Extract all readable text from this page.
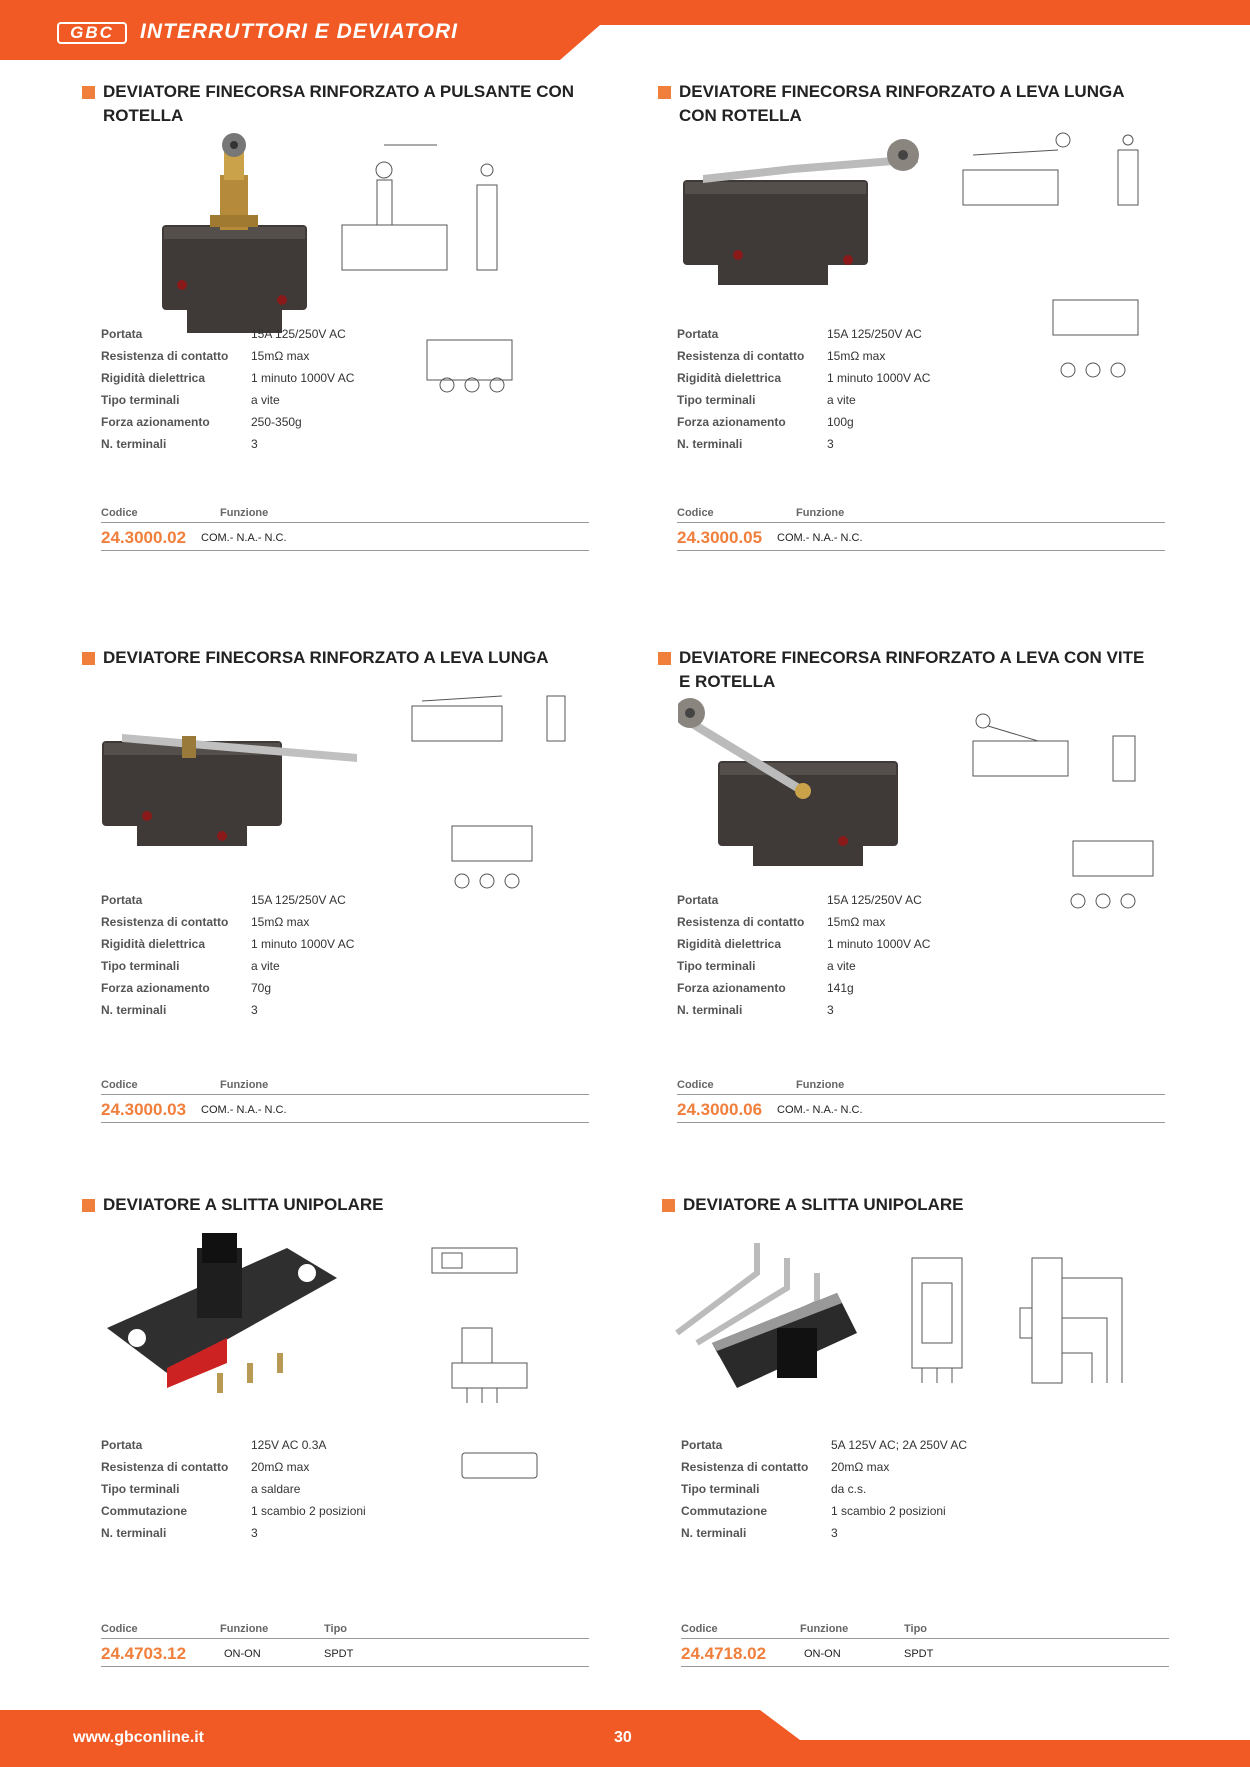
GBC	INTERRUTTORI E DEVIATORI
DEVIATORE FINECORSA RINFORZATO A PULSANTE CON ROTELLA
Portata	15A 125/250V AC
Resistenza di contatto 15mΩ max
Rigidità dielettrica	1 minuto 1000V AC
Tipo terminali	a vite
Forza azionamento	250-350g
N. terminali	3
Codice	Funzione
24.3000.02 COM.- N.A.- N.C.
DEVIATORE FINECORSA RINFORZATO A LEVA LUNGA CON ROTELLA
Portata	15A 125/250V AC
Resistenza di contatto 15mΩ max
Rigidità dielettrica	1 minuto 1000V AC
Tipo terminali	a vite
Forza azionamento	100g
N. terminali	3
Codice	Funzione
24.3000.05 COM.- N.A.- N.C.
DEVIATORE FINECORSA RINFORZATO A LEVA LUNGA
Portata	15A 125/250V AC
Resistenza di contatto 15mΩ max
Rigidità dielettrica	1 minuto 1000V AC
Tipo terminali	a vite
Forza azionamento	70g
N. terminali	3
Codice	Funzione
24.3000.03 COM.- N.A.- N.C.
DEVIATORE FINECORSA RINFORZATO A LEVA CON VITE E ROTELLA
Portata	15A 125/250V AC
Resistenza di contatto 15mΩ max
Rigidità dielettrica	1 minuto 1000V AC
Tipo terminali	a vite
Forza azionamento	141g
N. terminali	3
Codice	Funzione
24.3000.06 COM.- N.A.- N.C.
DEVIATORE A SLITTA UNIPOLARE
Portata	125V AC 0.3A
Resistenza di contatto 20mΩ max
Tipo terminali	a saldare
Commutazione	1 scambio 2 posizioni
N. terminali	3
Codice	Funzione	Tipo
24.4703.12	ON-ON	SPDT
DEVIATORE A SLITTA UNIPOLARE
Portata	5A 125V AC; 2A 250V AC
Resistenza di contatto 20mΩ max
Tipo terminali	da c.s.
Commutazione	1 scambio 2 posizioni
N. terminali	3
Codice	Funzione	Tipo
24.4718.02	ON-ON	SPDT
www.gbconline.it	30
